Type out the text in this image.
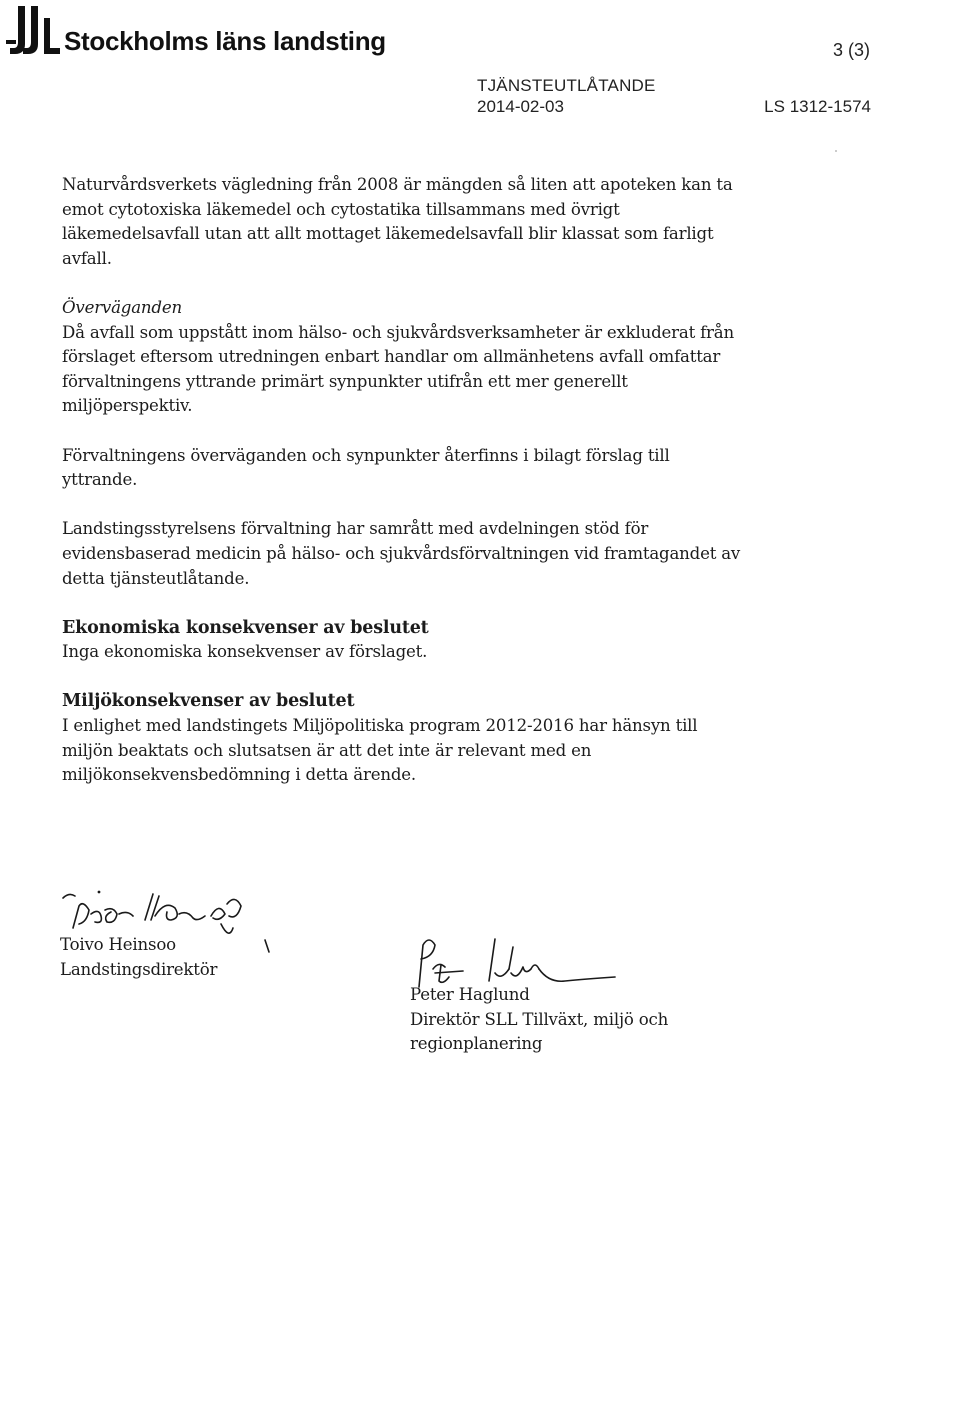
Stockholms läns landsting	3 (3)
TJÄNSTEUTLÅTANDE
2014-02-03	LS 1312-1574

Naturvårdsverkets vägledning från 2008 är mängden så liten att apoteken kan ta emot cytotoxiska läkemedel och cytostatika tillsammans med övrigt läkemedelsavfall utan att allt mottaget läkemedelsavfall blir klassat som farligt avfall.

Överväganden

Då avfall som uppstått inom hälso- och sjukvårdsverksamheter är exkluderat från förslaget eftersom utredningen enbart handlar om allmänhetens avfall omfattar förvaltningens yttrande primärt synpunkter utifrån ett mer generellt miljöperspektiv.

Förvaltningens överväganden och synpunkter återfinns i bilagt förslag till yttrande.

Landstingsstyrelsens förvaltning har samrått med avdelningen stöd för evidensbaserad medicin på hälso- och sjukvårdsförvaltningen vid framtagandet av detta tjänsteutlåtande.

Ekonomiska konsekvenser av beslutet

Inga ekonomiska konsekvenser av förslaget.

Miljökonsekvenser av beslutet

I enlighet med landstingets Miljöpolitiska program 2012-2016 har hänsyn till miljön beaktats och slutsatsen är att det inte är relevant med en miljökonsekvensbedömning i detta ärende.

Toivo Heinsoo
Landstingsdirektör
Peter Haglund
Direktör SLL Tillväxt, miljö och regionplanering
